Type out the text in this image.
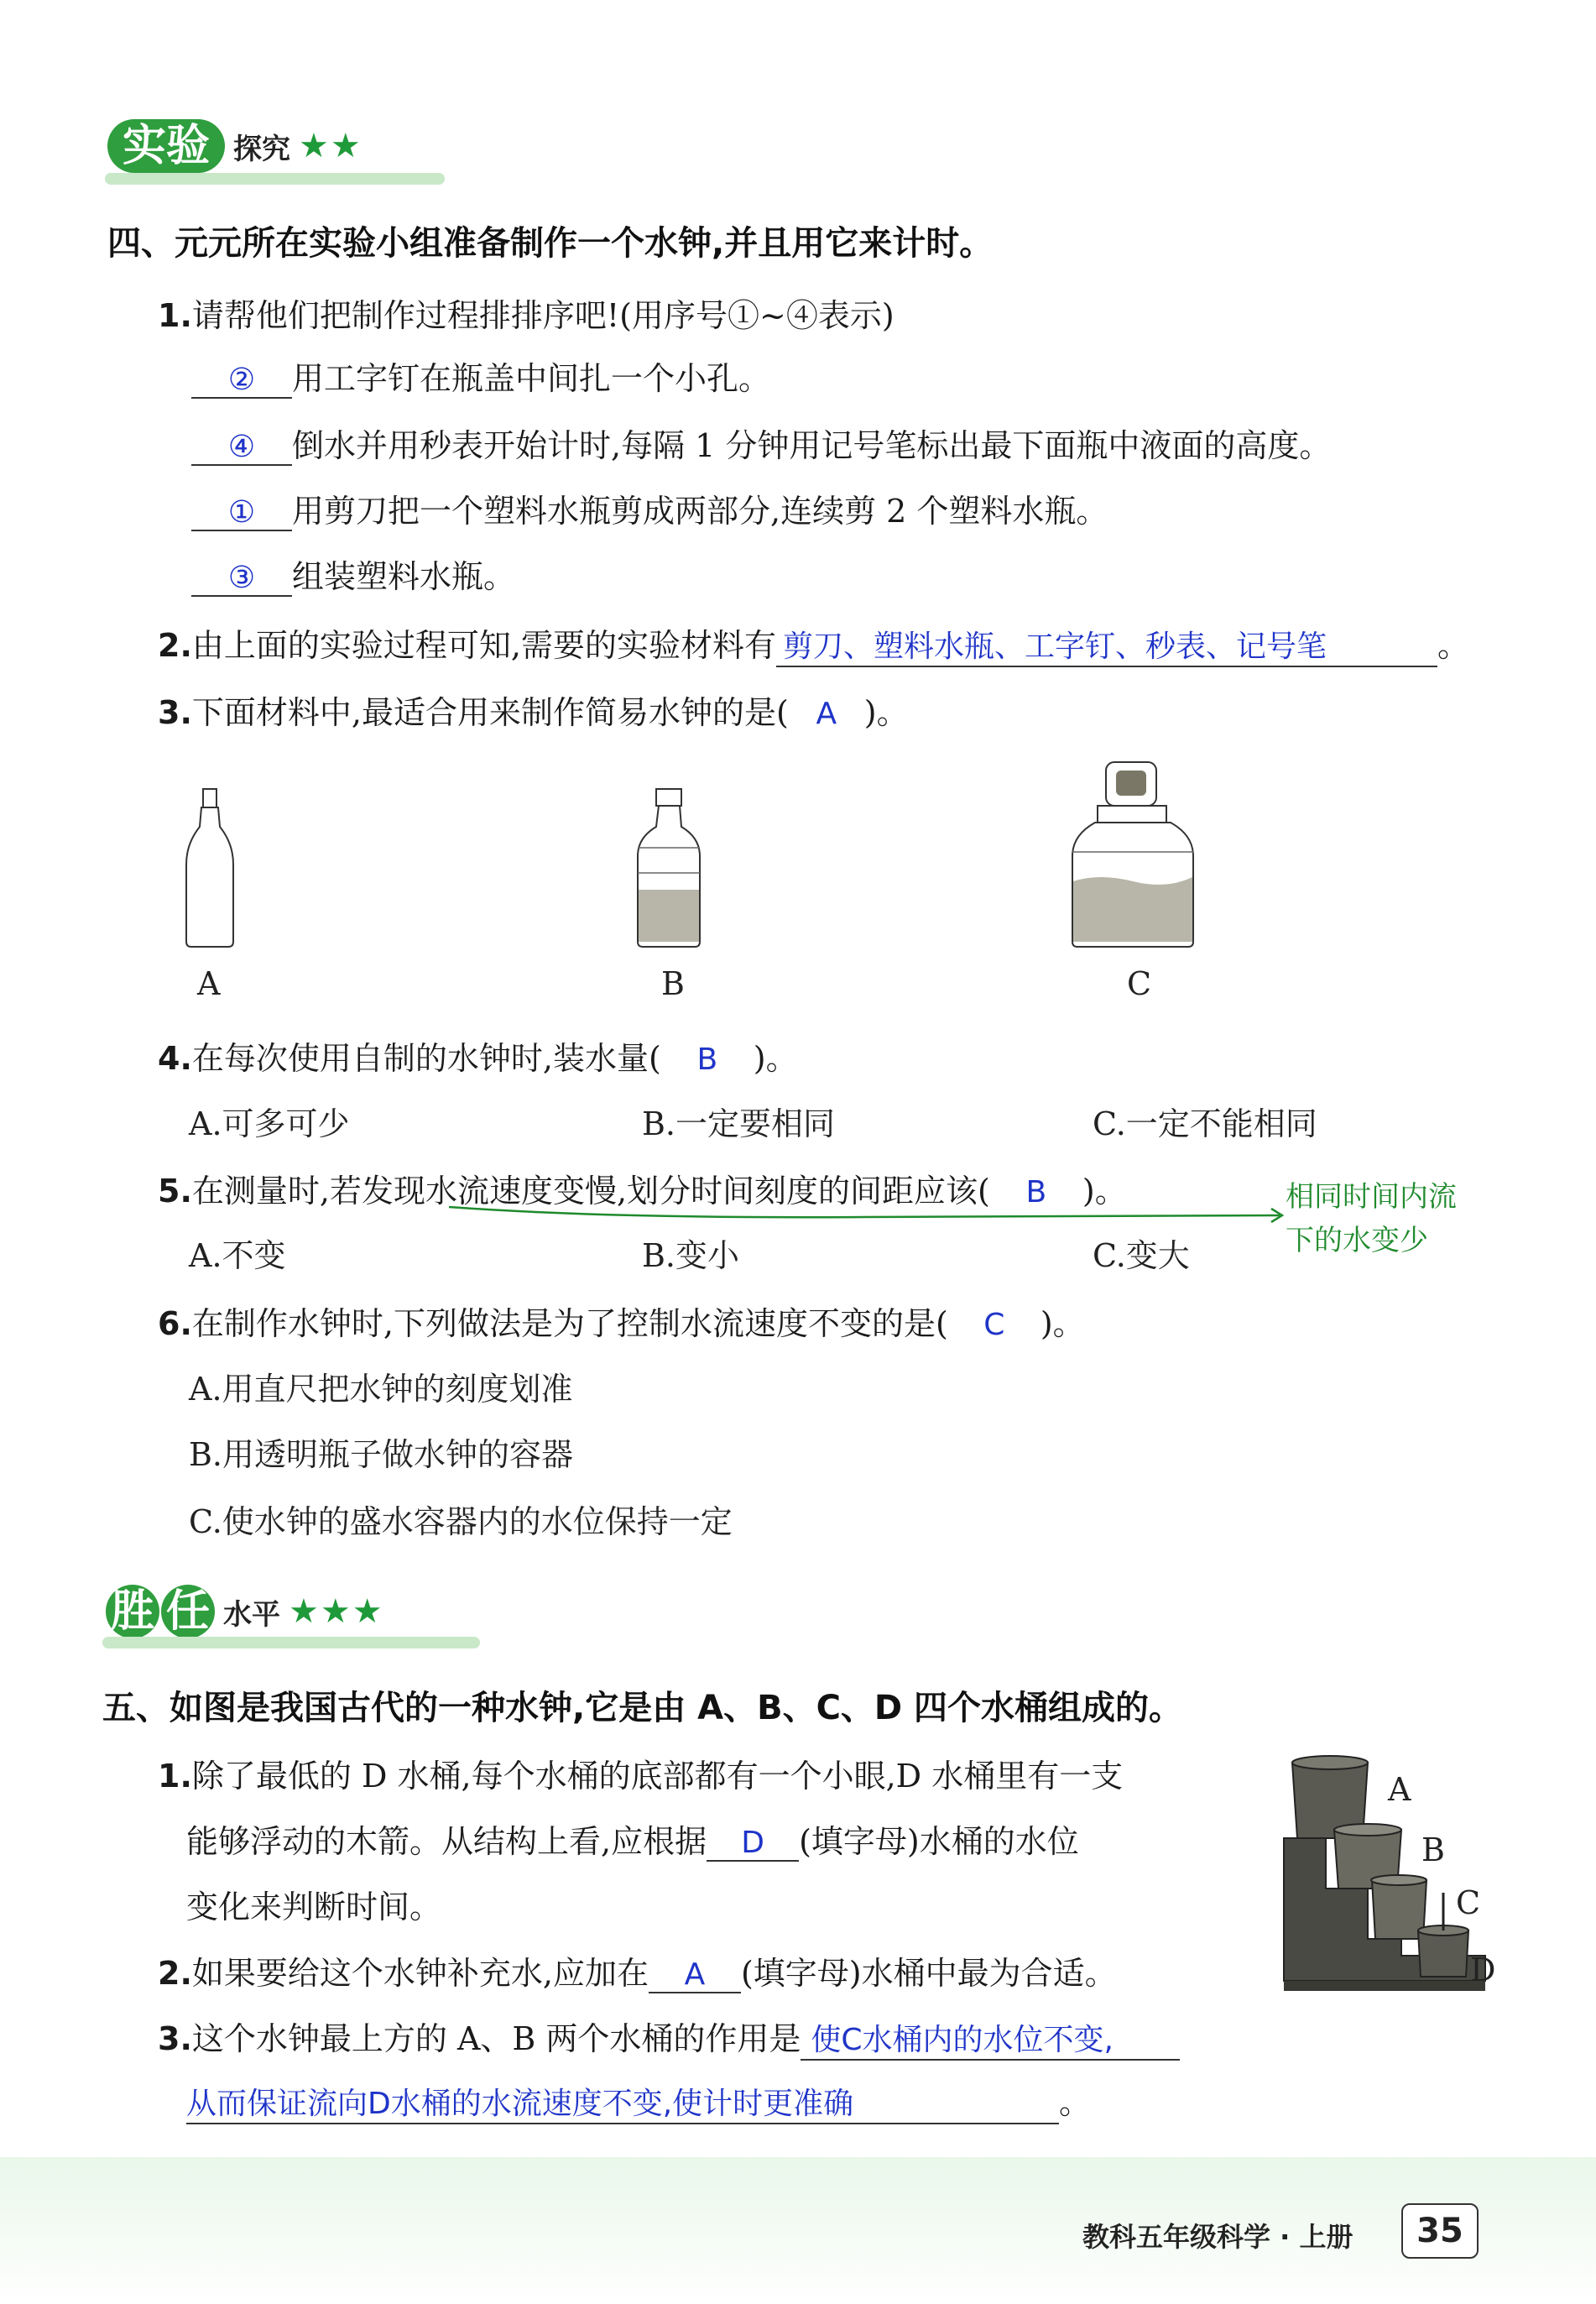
实验 探究 ★★
四、元元所在实验小组准备制作一个水钟,并且用它来计时。
1.请帮他们把制作过程排排序吧!(用序号①~④表示)
② 用工字钉在瓶盖中间扎一个小孔。
④ 倒水并用秒表开始计时,每隔 1 分钟用记号笔标出最下面瓶中液面的高度。
① 用剪刀把一个塑料水瓶剪成两部分,连续剪 2 个塑料水瓶。
③ 组装塑料水瓶。
2.由上面的实验过程可知,需要的实验材料有 剪刀、塑料水瓶、工字钉、秒表、记号笔	。
3.下面材料中,最适合用来制作简易水钟的是( A )。
A	B	C
4.在每次使用自制的水钟时,装水量( B )。
A.可多可少	B.一定要相同	C.一定不能相同
5.在测量时,若发现水流速度变慢,划分时间刻度的间距应该( B )。	相同时间内流
下的水变少
A.不变	B.变小	C.变大
6.在制作水钟时,下列做法是为了控制水流速度不变的是( C )。
A.用直尺把水钟的刻度划准
B.用透明瓶子做水钟的容器
C.使水钟的盛水容器内的水位保持一定
胜 任 水平 ★★★
五、如图是我国古代的一种水钟,它是由 A、B、C、D 四个水桶组成的。
1.除了最低的 D 水桶,每个水桶的底部都有一个小眼,D 水桶里有一支
能够浮动的木箭。从结构上看,应根据 D (填字母)水桶的水位
变化来判断时间。
2.如果要给这个水钟补充水,应加在 A (填字母)水桶中最为合适。
3.这个水钟最上方的 A、B 两个水桶的作用是 使C水桶内的水位不变,
从而保证流向D水桶的水流速度不变,使计时更准确	。
A
B
C
D
教科五年级科学 · 上册	35
